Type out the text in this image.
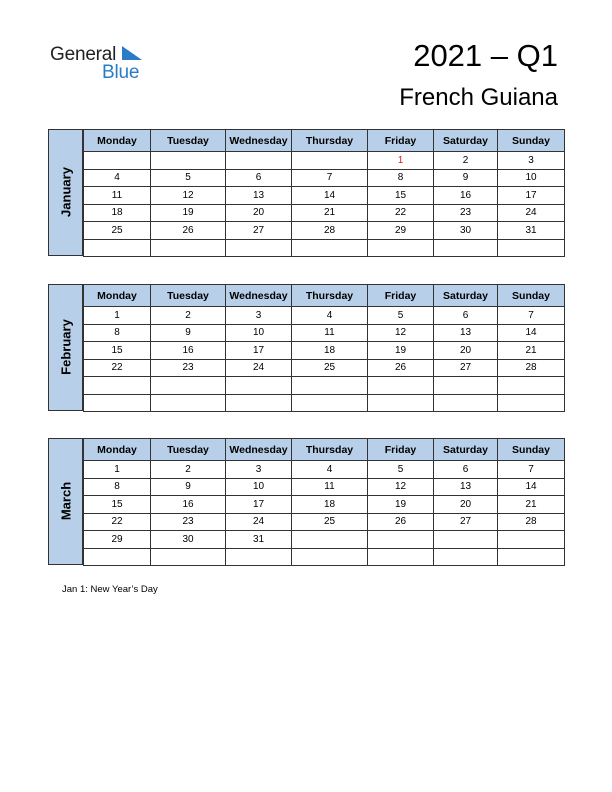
General
Blue	2021 – Q1
French Guiana
January
Monday	Tuesday	Wednesday	Thursday	Friday	Saturday	Sunday
				1	2	3
4	5	6	7	8	9	10
11	12	13	14	15	16	17
18	19	20	21	22	23	24
25	26	27	28	29	30	31

February
Monday	Tuesday	Wednesday	Thursday	Friday	Saturday	Sunday
1	2	3	4	5	6	7
8	9	10	11	12	13	14
15	16	17	18	19	20	21
22	23	24	25	26	27	28

March
Monday	Tuesday	Wednesday	Thursday	Friday	Saturday	Sunday
1	2	3	4	5	6	7
8	9	10	11	12	13	14
15	16	17	18	19	20	21
22	23	24	25	26	27	28
29	30	31				

Jan 1: New Year’s Day
